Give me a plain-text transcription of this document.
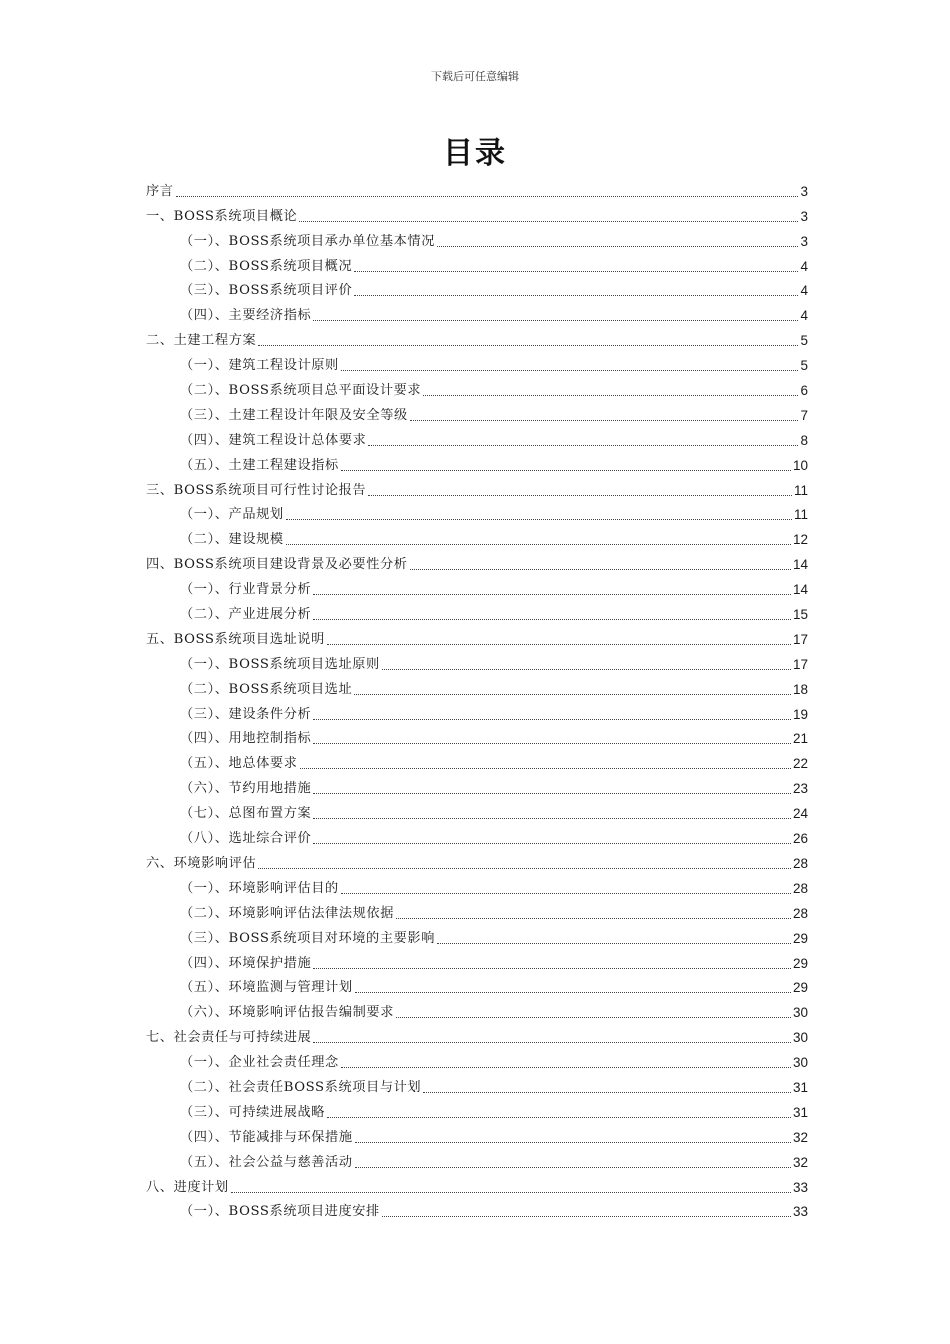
下载后可任意编辑
目录
序言	3
一、BOSS系统项目概论	3
（一）、BOSS系统项目承办单位基本情况	3
（二）、BOSS系统项目概况	4
（三）、BOSS系统项目评价	4
（四）、主要经济指标	4
二、土建工程方案	5
（一）、建筑工程设计原则	5
（二）、BOSS系统项目总平面设计要求	6
（三）、土建工程设计年限及安全等级	7
（四）、建筑工程设计总体要求	8
（五）、土建工程建设指标	10
三、BOSS系统项目可行性讨论报告	11
（一）、产品规划	11
（二）、建设规模	12
四、BOSS系统项目建设背景及必要性分析	14
（一）、行业背景分析	14
（二）、产业进展分析	15
五、BOSS系统项目选址说明	17
（一）、BOSS系统项目选址原则	17
（二）、BOSS系统项目选址	18
（三）、建设条件分析	19
（四）、用地控制指标	21
（五）、地总体要求	22
（六）、节约用地措施	23
（七）、总图布置方案	24
（八）、选址综合评价	26
六、环境影响评估	28
（一）、环境影响评估目的	28
（二）、环境影响评估法律法规依据	28
（三）、BOSS系统项目对环境的主要影响	29
（四）、环境保护措施	29
（五）、环境监测与管理计划	29
（六）、环境影响评估报告编制要求	30
七、社会责任与可持续进展	30
（一）、企业社会责任理念	30
（二）、社会责任BOSS系统项目与计划	31
（三）、可持续进展战略	31
（四）、节能减排与环保措施	32
（五）、社会公益与慈善活动	32
八、进度计划	33
（一）、BOSS系统项目进度安排	33
